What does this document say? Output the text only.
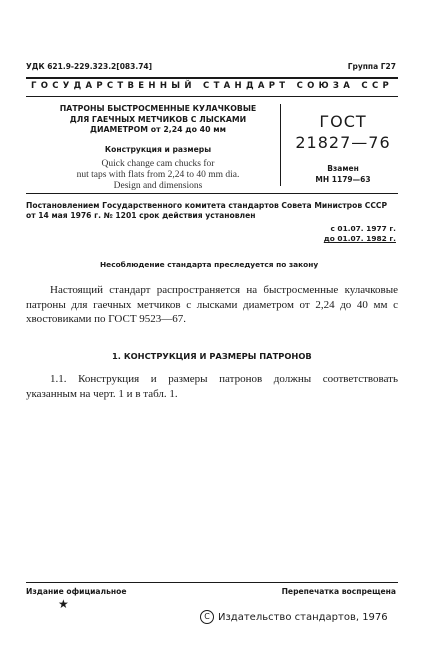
УДК 621.9-229.323.2[083.74]	Группа Г27
ГОСУДАРСТВЕННЫЙ СТАНДАРТ СОЮЗА ССР
ПАТРОНЫ БЫСТРОСМЕННЫЕ КУЛАЧКОВЫЕ
ДЛЯ ГАЕЧНЫХ МЕТЧИКОВ С ЛЫСКАМИ
ДИАМЕТРОМ от 2,24 до 40 мм
Конструкция и размеры
Quick change cam chucks for
nut taps with flats from 2,24 to 40 mm dia.
Design and dimensions
ГОСТ
21827—76
Взамен
МН 1179—63
Постановлением Государственного комитета стандартов Совета Министров СССР
от 14 мая 1976 г. № 1201 срок действия установлен
с 01.07. 1977 г.
до 01.07. 1982 г.
Несоблюдение стандарта преследуется по закону
Настоящий стандарт распространяется на быстросменные кулачковые патроны для гаечных метчиков с лысками диаметром от 2,24 до 40 мм с хвостовиками по ГОСТ 9523—67.
1. КОНСТРУКЦИЯ И РАЗМЕРЫ ПАТРОНОВ
1.1. Конструкция и размеры патронов должны соответствовать указанным на черт. 1 и в табл. 1.
Издание официальное	Перепечатка воспрещена
★
С Издательство стандартов, 1976
